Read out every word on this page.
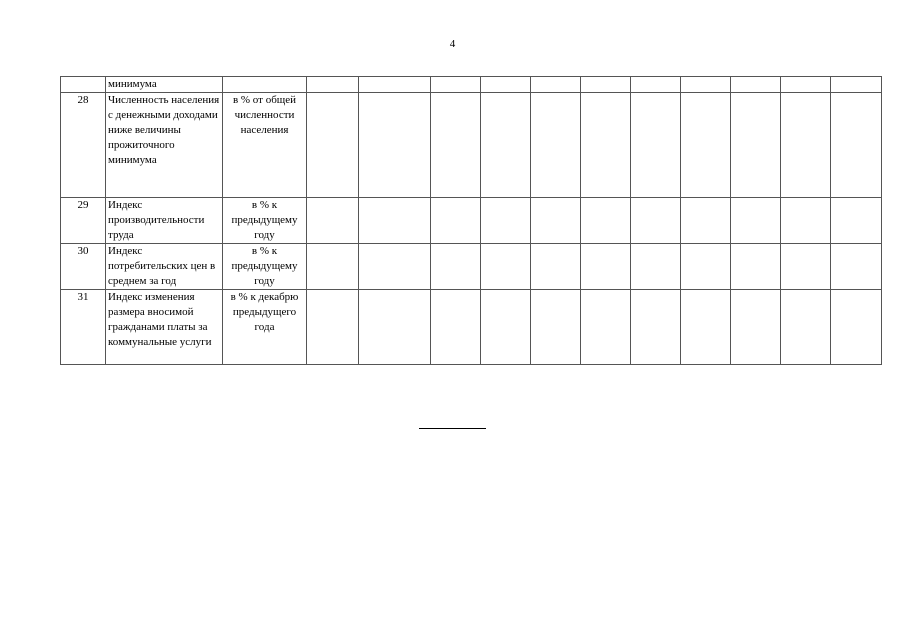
4
	минимума												
28	Численность населения с денежными доходами ниже величины прожиточного минимума	в % от общей численности населения											
29	Индекс производительности труда	в % к предыдущему году											
30	Индекс потребительских цен в среднем за год	в % к предыдущему году											
31	Индекс изменения размера вносимой гражданами платы за коммунальные услуги	в % к декабрю предыдущего года											
